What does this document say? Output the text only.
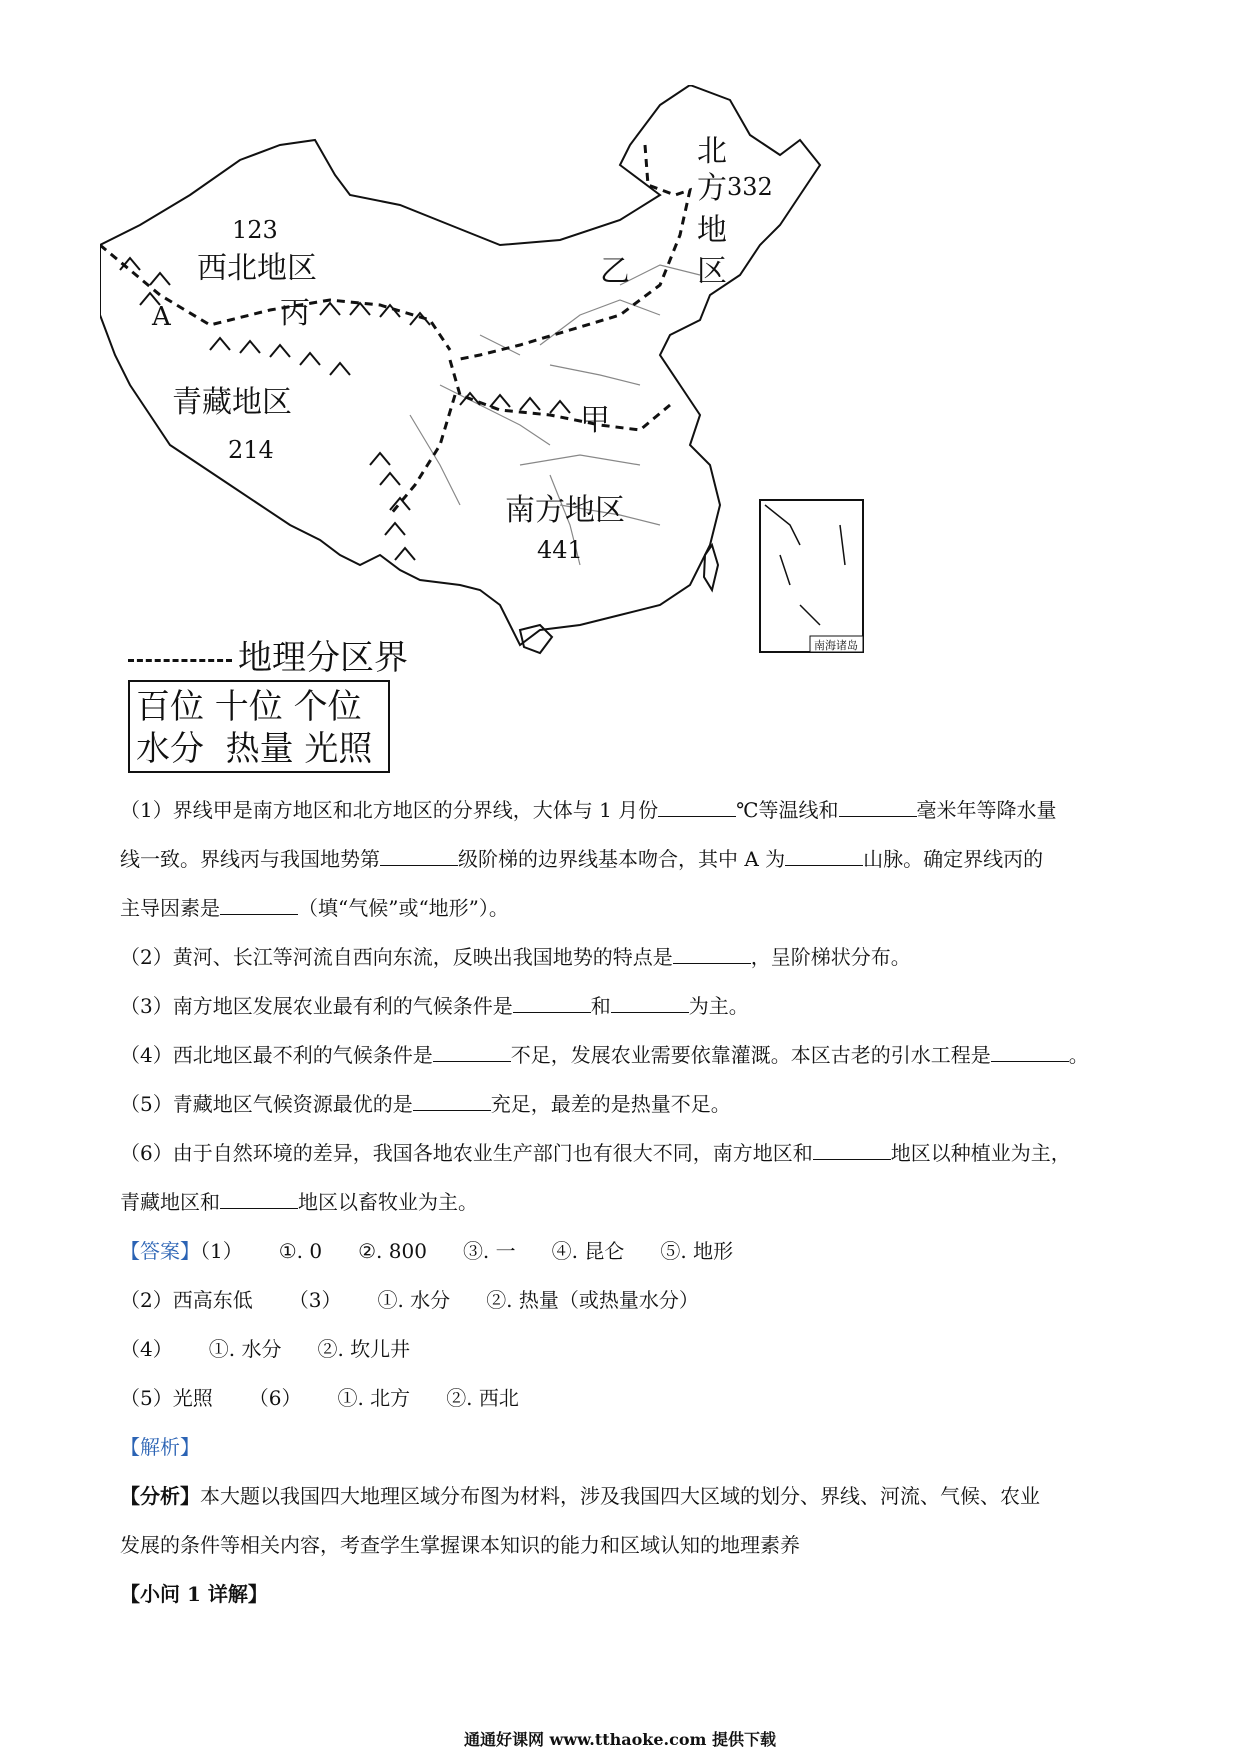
123
西北地区
北
方 332
地
区
乙
丙
A
青藏地区
214
甲
南方地区
441
南海诸岛
地理分区界
百位 十位 个位
水分  热量 光照
（1）界线甲是南方地区和北方地区的分界线，大体与 1 月份	℃等温线和	毫米年等降水量
线一致。界线丙与我国地势第	级阶梯的边界线基本吻合，其中 A 为	山脉。确定界线丙的
主导因素是	（填“气候”或“地形”）。
（2）黄河、长江等河流自西向东流，反映出我国地势的特点是	，呈阶梯状分布。
（3）南方地区发展农业最有利的气候条件是	和	为主。
（4）西北地区最不利的气候条件是	不足，发展农业需要依靠灌溉。本区古老的引水工程是	。
（5）青藏地区气候资源最优的是	充足，最差的是热量不足。
（6）由于自然环境的差异，我国各地农业生产部门也有很大不同，南方地区和	地区以种植业为主，
青藏地区和	地区以畜牧业为主。
【答案】（1） ①. 0 ②. 800 ③. 一 ④. 昆仑 ⑤. 地形
（2）西高东低 （3） ①. 水分 ②. 热量（或热量水分）
（4） ①. 水分 ②. 坎儿井
（5）光照 （6） ①. 北方 ②. 西北
【解析】
【分析】本大题以我国四大地理区域分布图为材料，涉及我国四大区域的划分、界线、河流、气候、农业
发展的条件等相关内容，考查学生掌握课本知识的能力和区域认知的地理素养
【小问 1 详解】
通通好课网 www.tthaoke.com 提供下载
